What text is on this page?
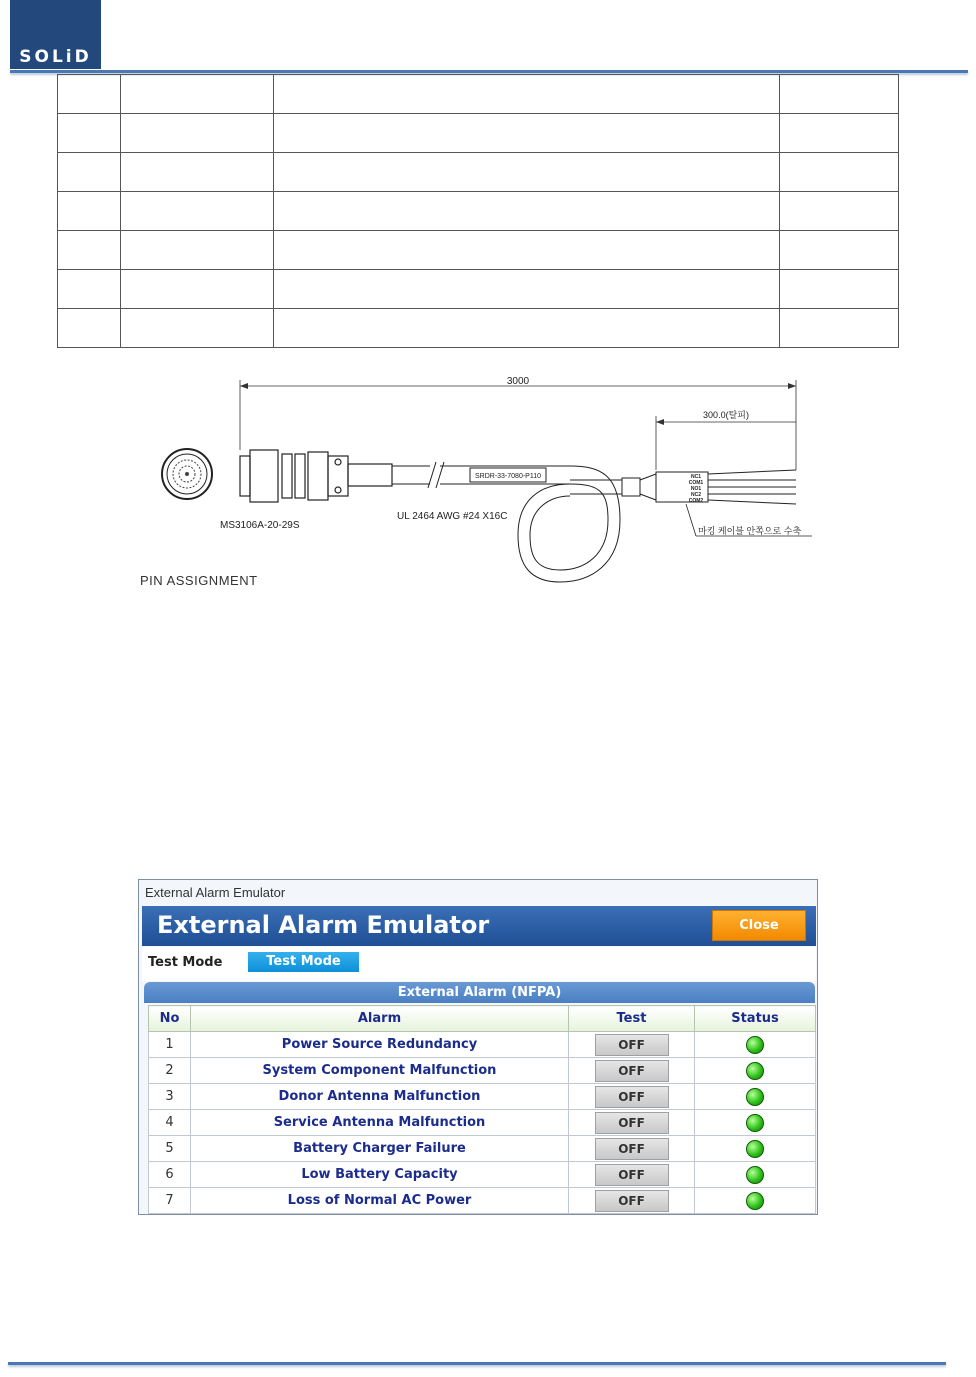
SOLiD

3000
300.0(탈피)
SRDR-33-7080-P110	NC1
COM1
NO1
NC2
COM2
마킹 케이블 안쪽으로 수축
MS3106A-20-29S
UL 2464 AWG #24 X16C
PIN ASSIGNMENT
External Alarm Emulator
External Alarm Emulator	Close
Test Mode	Test Mode
External Alarm (NFPA)
No	Alarm	Test	Status
1	Power Source Redundancy	OFF	
2	System Component Malfunction	OFF	
3	Donor Antenna Malfunction	OFF	
4	Service Antenna Malfunction	OFF	
5	Battery Charger Failure	OFF	
6	Low Battery Capacity	OFF	
7	Loss of Normal AC Power	OFF	
